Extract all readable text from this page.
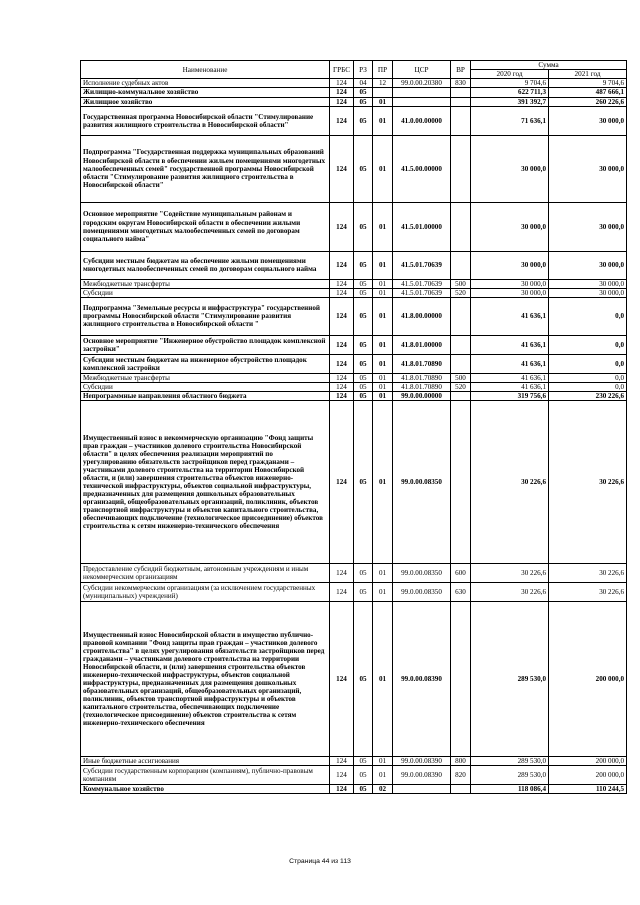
Наименование	ГРБС	РЗ	ПР	ЦСР	ВР	Сумма	
						2020 год	2021 год
Исполнение судебных актов	124	04	12	99.0.00.20380	830	9 704,6	9 704,6
Жилищно-коммунальное хозяйство	124	05				622 711,3	487 666,1
Жилищное хозяйство	124	05	01			391 392,7	260 226,6
Государственная программа Новосибирской области "Стимулирование развития жилищного строительства в Новосибирской области"	124	05	01	41.0.00.00000		71 636,1	30 000,0
Подпрограмма "Государственная поддержка муниципальных образований Новосибирской области в обеспечении жильем помещениями многодетных малообеспеченных семей" государственной программы Новосибирской области "Стимулирование развития жилищного строительства в Новосибирской области"	124	05	01	41.5.00.00000		30 000,0	30 000,0
Основное мероприятие "Содействие муниципальным районам и городским округам Новосибирской области в обеспечении жилыми помещениями многодетных малообеспеченных семей по договорам социального найма"	124	05	01	41.5.01.00000		30 000,0	30 000,0
Субсидии местным бюджетам на обеспечение жилыми помещениями многодетных малообеспеченных семей по договорам социального найма	124	05	01	41.5.01.70639		30 000,0	30 000,0
Межбюджетные трансферты	124	05	01	41.5.01.70639	500	30 000,0	30 000,0
Субсидии	124	05	01	41.5.01.70639	520	30 000,0	30 000,0
Подпрограмма "Земельные ресурсы и инфраструктура" государственной программы Новосибирской области "Стимулирование развития жилищного строительства в Новосибирской области "	124	05	01	41.8.00.00000		41 636,1	0,0
Основное мероприятие "Инженерное обустройство площадок комплексной застройки"	124	05	01	41.8.01.00000		41 636,1	0,0
Субсидии местным бюджетам на инженерное обустройство площадок комплексной застройки	124	05	01	41.8.01.70890		41 636,1	0,0
Межбюджетные трансферты	124	05	01	41.8.01.70890	500	41 636,1	0,0
Субсидии	124	05	01	41.8.01.70890	520	41 636,1	0,0
Непрограммные направления областного бюджета	124	05	01	99.0.00.00000		319 756,6	230 226,6
Имущественный взнос в некоммерческую организацию "Фонд защиты прав граждан – участников долевого строительства Новосибирской области" в целях обеспечения реализации мероприятий по урегулированию обязательств застройщиков перед гражданами – участниками долевого строительства на территории Новосибирской области, и (или) завершения строительства объектов инженерно-технической инфраструктуры, объектов социальной инфраструктуры, предназначенных для размещения дошкольных образовательных организаций, общеобразовательных организаций, поликлиник, объектов транспортной инфраструктуры и объектов капитального строительства, обеспечивающих подключение (технологическое присоединение) объектов строительства к сетям инженерно-технического обеспечения	124	05	01	99.0.00.08350		30 226,6	30 226,6
Предоставление субсидий бюджетным, автономным учреждениям и иным некоммерческим организациям	124	05	01	99.0.00.08350	600	30 226,6	30 226,6
Субсидии некоммерческим организациям (за исключением государственных (муниципальных) учреждений)	124	05	01	99.0.00.08350	630	30 226,6	30 226,6
Имущественный взнос Новосибирской области в имущество публично-правовой компании "Фонд защиты прав граждан – участников долевого строительства" в целях урегулирования обязательств застройщиков перед гражданами – участниками долевого строительства на территории Новосибирской области, и (или) завершения строительства объектов инженерно-технической инфраструктуры, объектов социальной инфраструктуры, предназначенных для размещения дошкольных образовательных организаций, общеобразовательных организаций, поликлиник, объектов транспортной инфраструктуры и объектов капитального строительства, обеспечивающих подключение (технологическое присоединение) объектов строительства к сетям инженерно-технического обеспечения	124	05	01	99.0.00.08390		289 530,0	200 000,0
Иные бюджетные ассигнования	124	05	01	99.0.00.08390	800	289 530,0	200 000,0
Субсидии государственным корпорациям (компаниям), публично-правовым компаниям	124	05	01	99.0.00.08390	820	289 530,0	200 000,0
Коммунальное хозяйство	124	05	02			118 086,4	110 244,5
Страница 44 из 113
